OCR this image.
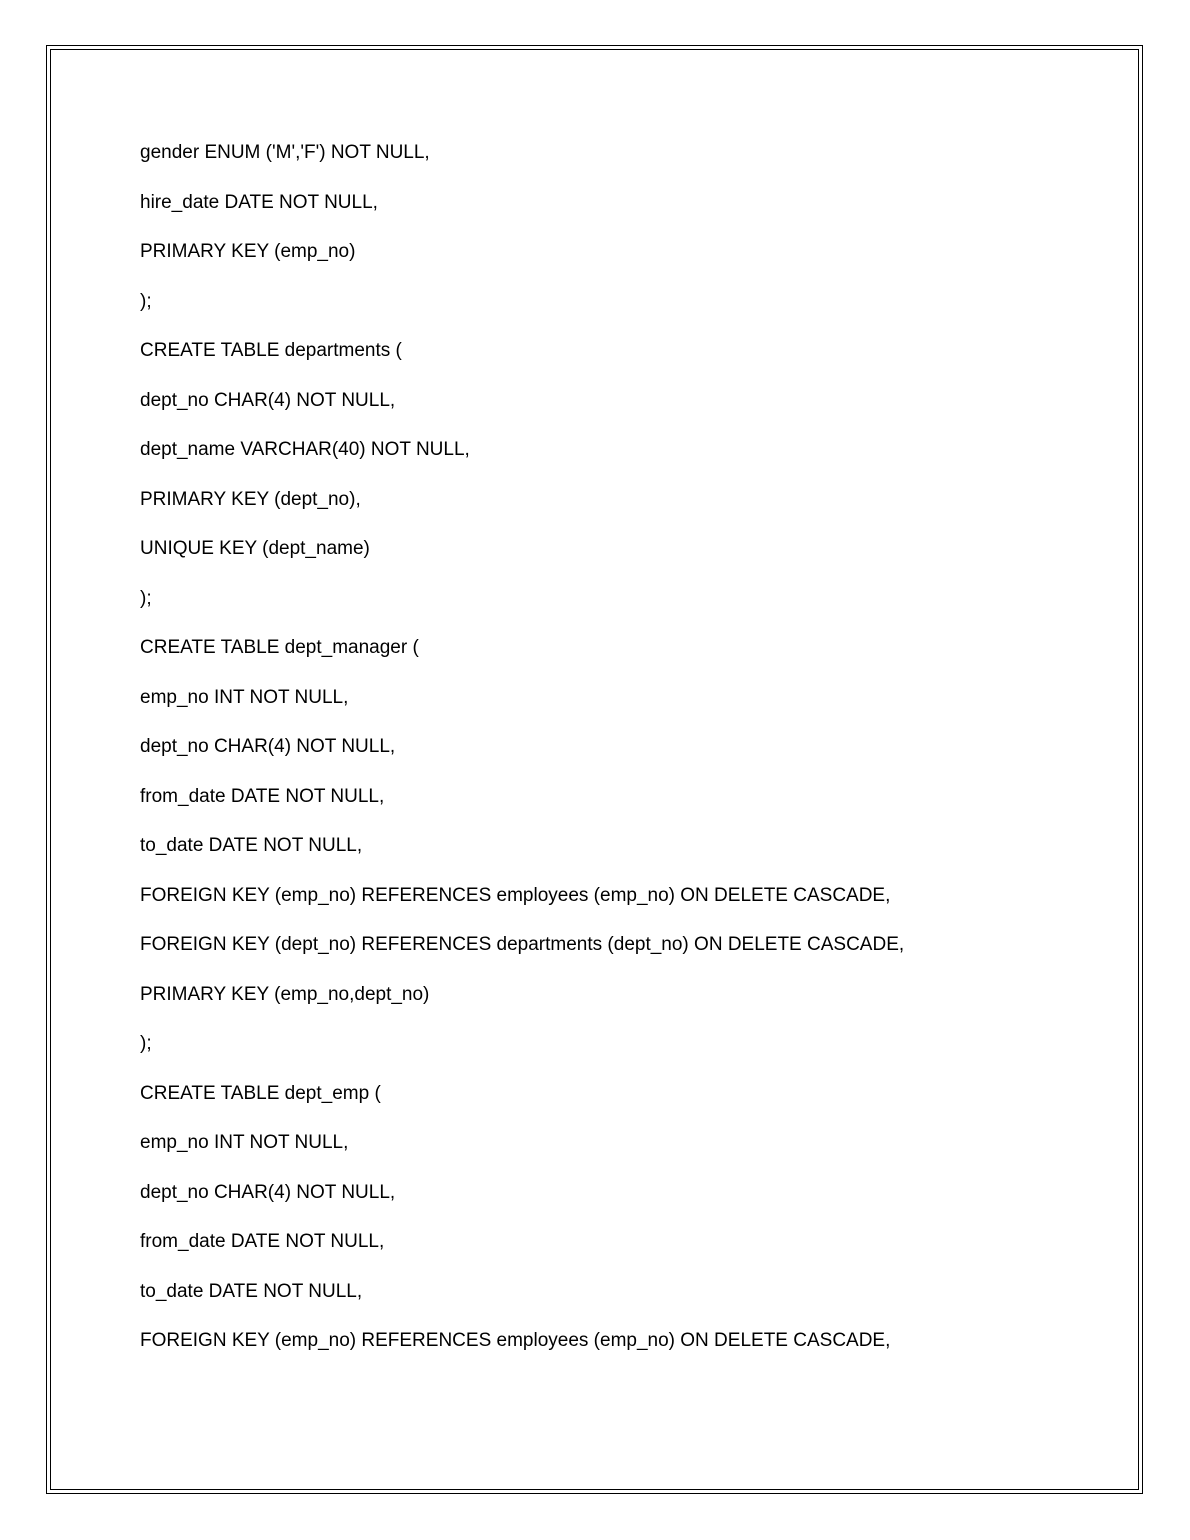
gender ENUM ('M','F') NOT NULL,
hire_date DATE NOT NULL,
PRIMARY KEY (emp_no)
);
CREATE TABLE departments (
dept_no CHAR(4) NOT NULL,
dept_name VARCHAR(40) NOT NULL,
PRIMARY KEY (dept_no),
UNIQUE KEY (dept_name)
);
CREATE TABLE dept_manager (
emp_no INT NOT NULL,
dept_no CHAR(4) NOT NULL,
from_date DATE NOT NULL,
to_date DATE NOT NULL,
FOREIGN KEY (emp_no) REFERENCES employees (emp_no) ON DELETE CASCADE,
FOREIGN KEY (dept_no) REFERENCES departments (dept_no) ON DELETE CASCADE,
PRIMARY KEY (emp_no,dept_no)
);
CREATE TABLE dept_emp (
emp_no INT NOT NULL,
dept_no CHAR(4) NOT NULL,
from_date DATE NOT NULL,
to_date DATE NOT NULL,
FOREIGN KEY (emp_no) REFERENCES employees (emp_no) ON DELETE CASCADE,
